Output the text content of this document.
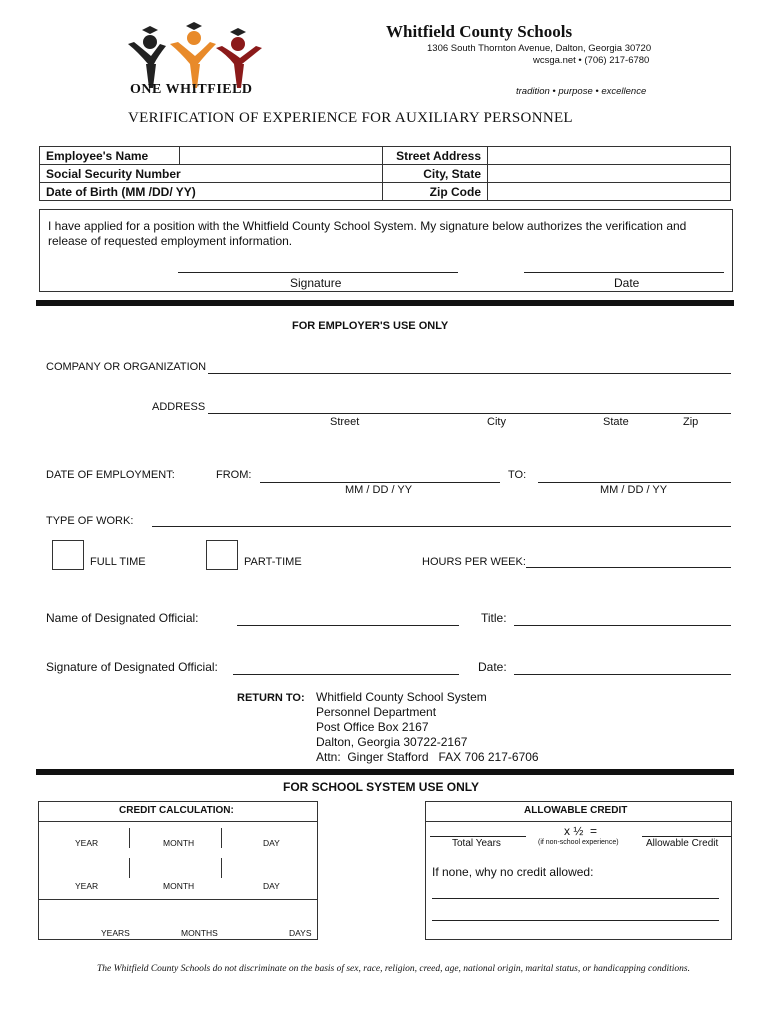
ONE WHITFIELD
Whitfield County Schools
1306 South Thornton Avenue, Dalton, Georgia 30720
wcsga.net • (706) 217-6780
tradition • purpose • excellence
VERIFICATION OF EXPERIENCE FOR AUXILIARY PERSONNEL
Employee's Name		Street Address	
Social Security Number		City, State	
Date of Birth (MM /DD/ YY)		Zip Code	
I have applied for a position with the Whitfield County School System. My signature below authorizes the verification and release of requested employment information.
Signature	Date
FOR EMPLOYER'S USE ONLY
COMPANY OR ORGANIZATION
ADDRESS
Street	City	State	Zip
DATE OF EMPLOYMENT:	FROM:
MM / DD / YY
TO:
MM / DD / YY
TYPE OF WORK:
FULL TIME	PART-TIME	HOURS PER WEEK:
Name of Designated Official:	Title:
Signature of Designated Official:	Date:
RETURN TO: Whitfield County School System
Personnel Department
Post Office Box 2167
Dalton, Georgia 30722-2167
Attn:  Ginger Stafford   FAX 706 217-6706
FOR SCHOOL SYSTEM USE ONLY
CREDIT CALCULATION:
YEAR	MONTH	DAY
YEAR	MONTH	DAY
YEARS	MONTHS	DAYS
ALLOWABLE CREDIT
x ½  =
Total Years	(if non-school experience)	Allowable Credit
If none, why no credit allowed:
The Whitfield County Schools do not discriminate on the basis of sex, race, religion, creed, age, national origin, marital status, or handicapping conditions.
